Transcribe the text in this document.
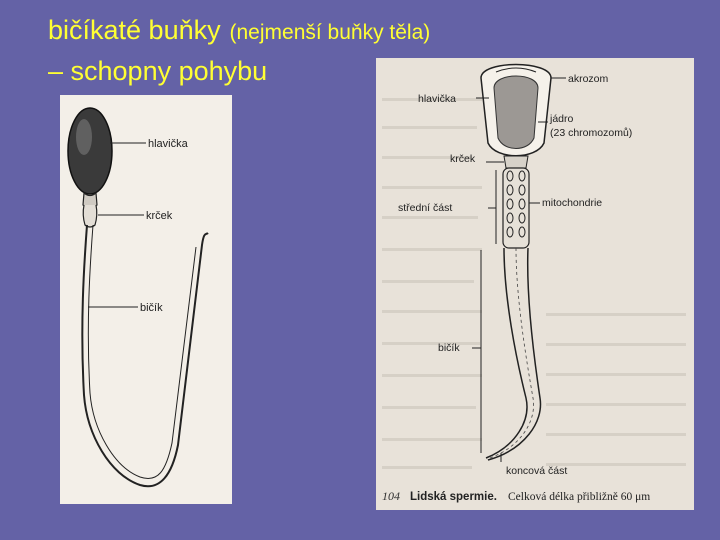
bičíkaté buňky (nejmenší buňky těla)
– schopny pohybu
hlavička
krček
bičík
akrozom
hlavička
jádro
(23 chromozomů)
krček
mitochondrie
střední část
bičík
koncová část
104 Lidská spermie. Celková délka přibližně 60 μm
